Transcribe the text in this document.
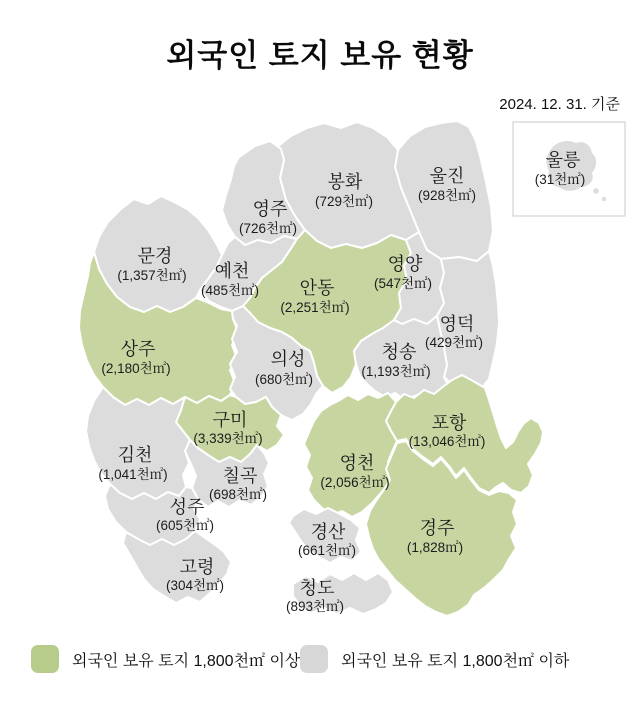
외국인 토지 보유 현황
2024. 12. 31. 기준
울진
(928천㎡)
봉화
(729천㎡)
영주
(726천㎡)
문경
(1,357천㎡) 예천
(485천㎡) 안동
(2,251천㎡)
영양
(547천㎡)
영덕
(429천㎡)
상주
(2,180천㎡)	의성
(680천㎡)
청송
(1,193천㎡)
구미
(3,339천㎡)
포항
(13,046천㎡)
김천
(1,041천㎡)	칠곡
(698천㎡)
영천
(2,056천㎡)
성주
(605천㎡)	경산
(661천㎡)
경주
(1,828㎡)
고령
(304천㎡)	청도
(893천㎡)
울릉
(31천㎡)
외국인 보유 토지 1,800천㎡ 이상	외국인 보유 토지 1,800천㎡ 이하
